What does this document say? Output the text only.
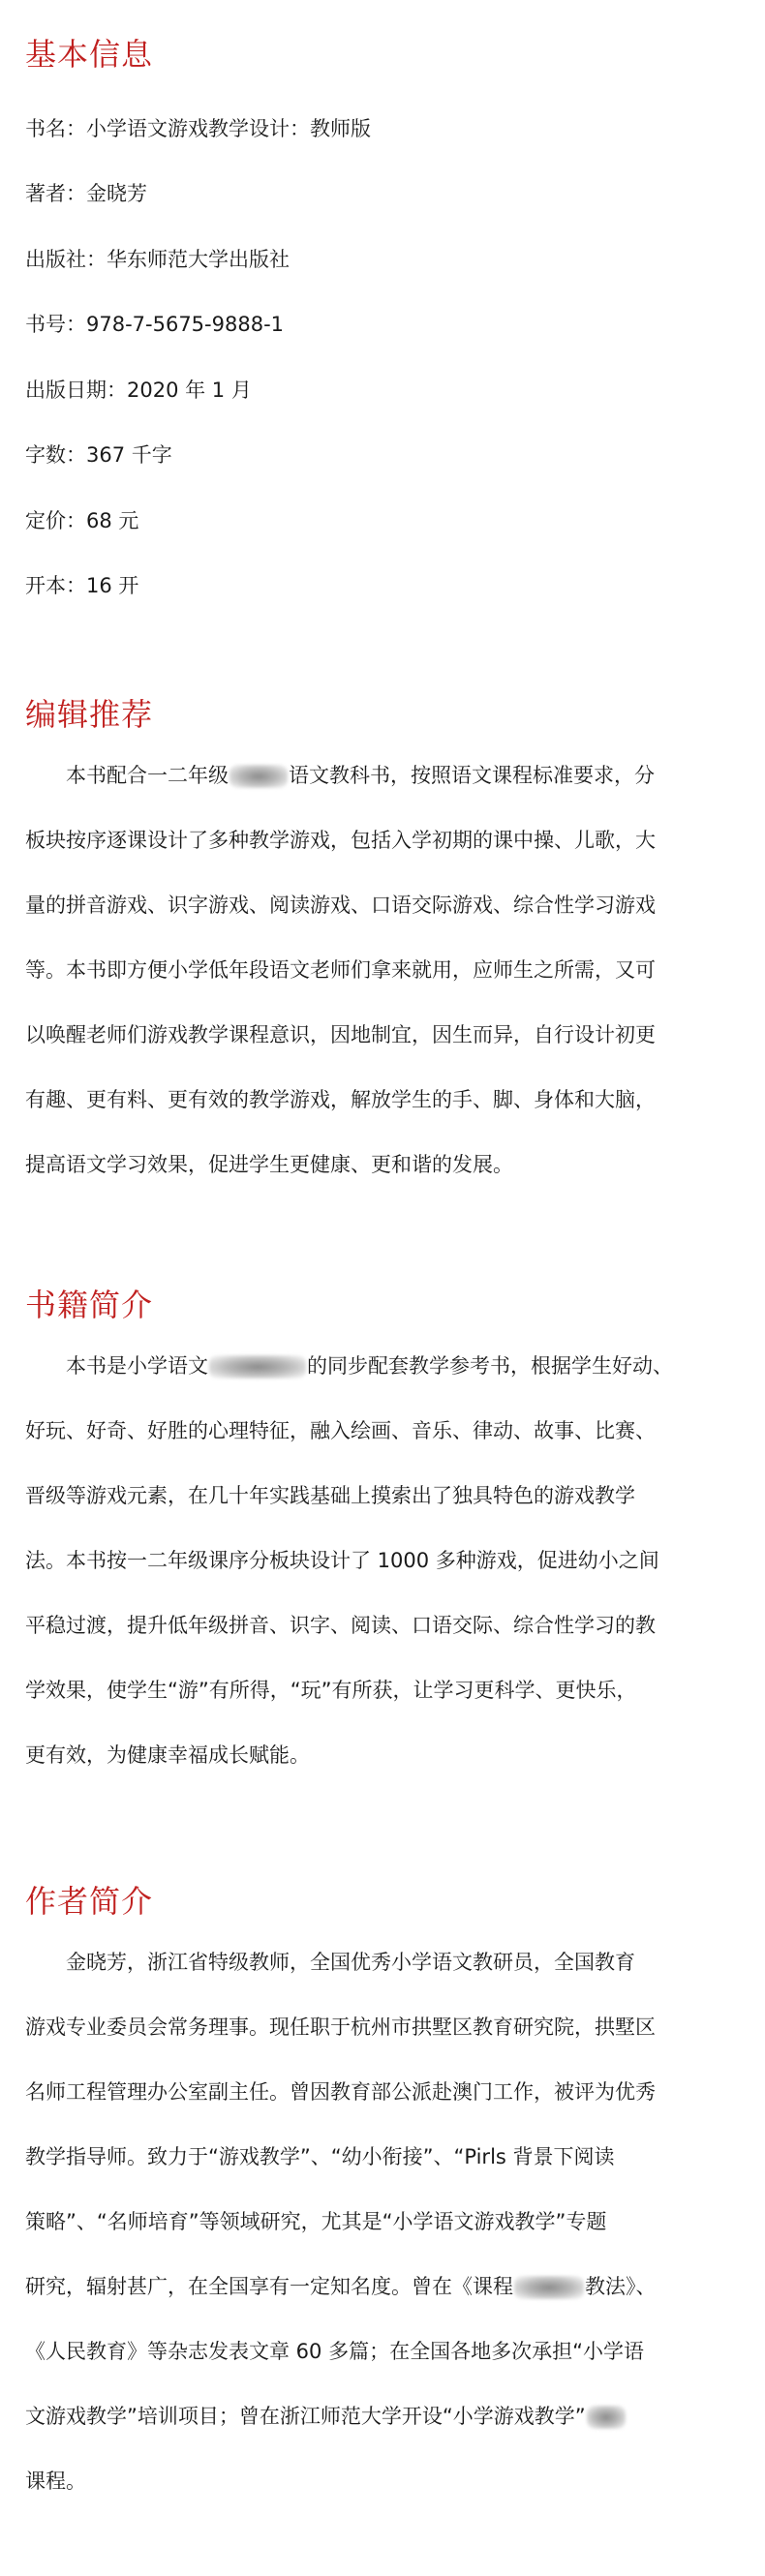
基本信息
书名：小学语文游戏教学设计：教师版
著者：金晓芳
出版社：华东师范大学出版社
书号：978-7-5675-9888-1
出版日期：2020 年 1 月
字数：367 千字
定价：68 元
开本：16 开
编辑推荐
　　本书配合一二年级	语文教科书，按照语文课程标准要求，分
板块按序逐课设计了多种教学游戏，包括入学初期的课中操、儿歌，大
量的拼音游戏、识字游戏、阅读游戏、口语交际游戏、综合性学习游戏
等。本书即方便小学低年段语文老师们拿来就用，应师生之所需，又可
以唤醒老师们游戏教学课程意识，因地制宜，因生而异，自行设计初更
有趣、更有料、更有效的教学游戏，解放学生的手、脚、身体和大脑，
提高语文学习效果，促进学生更健康、更和谐的发展。
书籍简介
　　本书是小学语文	的同步配套教学参考书，根据学生好动、
好玩、好奇、好胜的心理特征，融入绘画、音乐、律动、故事、比赛、
晋级等游戏元素，在几十年实践基础上摸索出了独具特色的游戏教学
法。本书按一二年级课序分板块设计了 1000 多种游戏，促进幼小之间
平稳过渡，提升低年级拼音、识字、阅读、口语交际、综合性学习的教
学效果，使学生“游”有所得，“玩”有所获，让学习更科学、更快乐，
更有效，为健康幸福成长赋能。
作者简介
　　金晓芳，浙江省特级教师，全国优秀小学语文教研员，全国教育
游戏专业委员会常务理事。现任职于杭州市拱墅区教育研究院，拱墅区
名师工程管理办公室副主任。曾因教育部公派赴澳门工作，被评为优秀
教学指导师。致力于“游戏教学”、“幼小衔接”、“Pirls 背景下阅读
策略”、“名师培育”等领域研究，尤其是“小学语文游戏教学”专题
研究，辐射甚广，在全国享有一定知名度。曾在《课程	教法》、
《人民教育》等杂志发表文章 60 多篇；在全国各地多次承担“小学语
文游戏教学”培训项目；曾在浙江师范大学开设“小学游戏教学”
课程。
